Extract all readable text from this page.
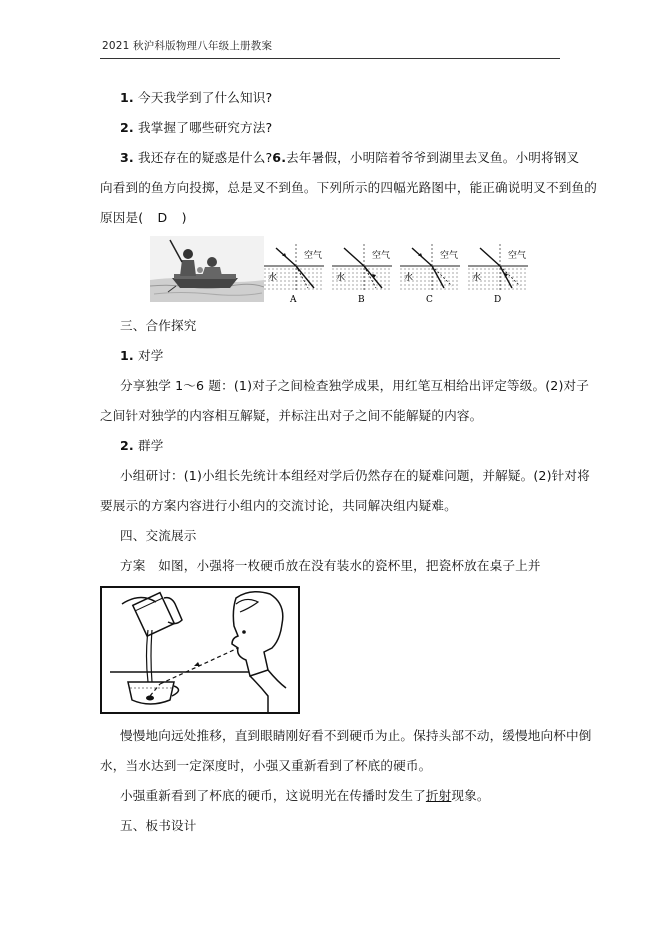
2021 秋沪科版物理八年级上册教案
1. 今天我学到了什么知识?
2. 我掌握了哪些研究方法?
3. 我还存在的疑惑是什么?6.去年暑假，小明陪着爷爷到湖里去叉鱼。小明将钢叉
向看到的鱼方向投掷，总是叉不到鱼。下列所示的四幅光路图中，能正确说明叉不到鱼的
原因是( D )
空气
水
A
空气
水
B
空气
水
C
空气
水
D
三、合作探究
1. 对学
分享独学 1～6 题：(1)对子之间检查独学成果，用红笔互相给出评定等级。(2)对子
之间针对独学的内容相互解疑，并标注出对子之间不能解疑的内容。
2. 群学
小组研讨：(1)小组长先统计本组经对学后仍然存在的疑难问题，并解疑。(2)针对将
要展示的方案内容进行小组内的交流讨论，共同解决组内疑难。
四、交流展示
方案　 如图，小强将一枚硬币放在没有装水的瓷杯里，把瓷杯放在桌子上并
慢慢地向远处推移，直到眼睛刚好看不到硬币为止。保持头部不动，缓慢地向杯中倒
水，当水达到一定深度时，小强又重新看到了杯底的硬币。
小强重新看到了杯底的硬币，这说明光在传播时发生了折射现象。
五、板书设计
